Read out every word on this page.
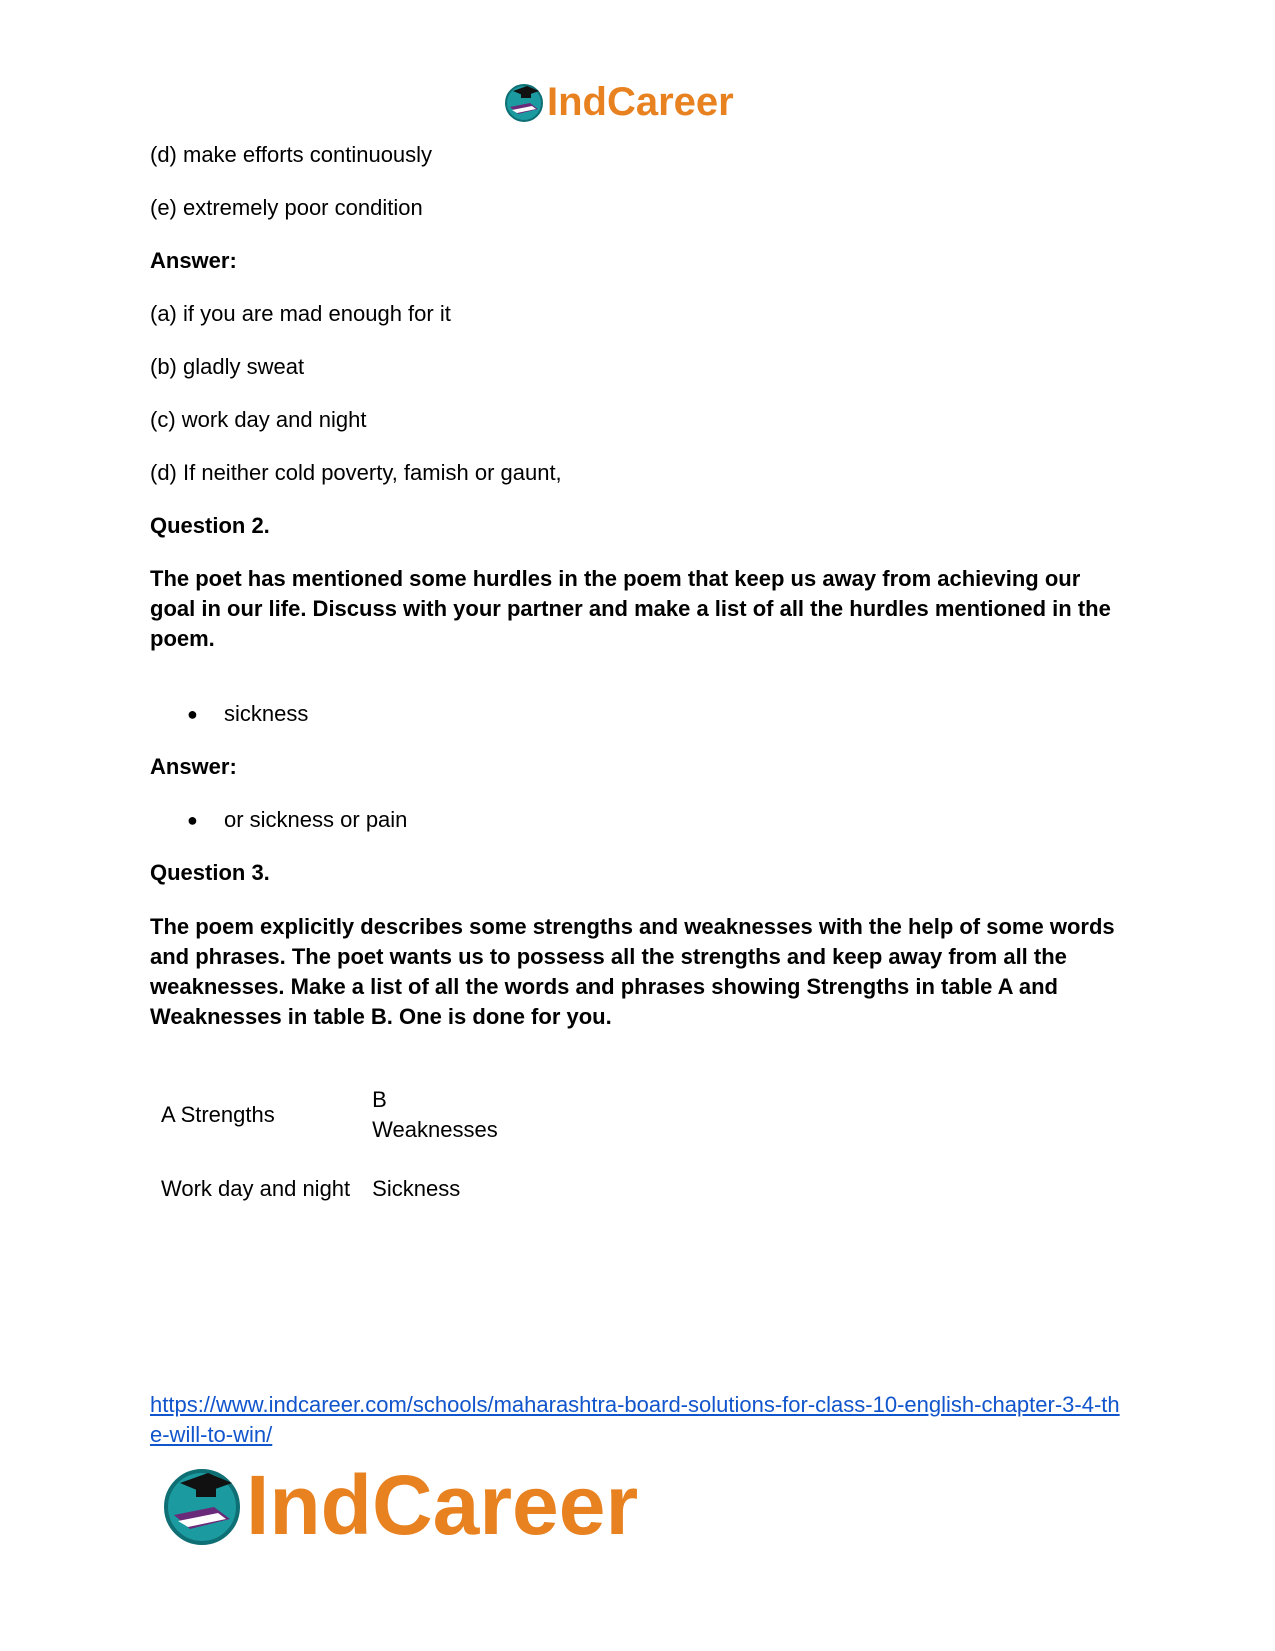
IndCareer
(d) make efforts continuously
(e) extremely poor condition
Answer:
(a) if you are mad enough for it
(b) gladly sweat
(c) work day and night
(d) If neither cold poverty, famish or gaunt,
Question 2.
The poet has mentioned some hurdles in the poem that keep us away from achieving our goal in our life. Discuss with your partner and make a list of all the hurdles mentioned in the poem.
●	sickness
Answer:
●	or sickness or pain
Question 3.
The poem explicitly describes some strengths and weaknesses with the help of some words and phrases. The poet wants us to possess all the strengths and keep away from all the weaknesses. Make a list of all the words and phrases showing Strengths in table A and Weaknesses in table B. One is done for you.
A Strengths	B
Weaknesses

Work day and night	Sickness
https://www.indcareer.com/schools/maharashtra-board-solutions-for-class-10-english-chapter-3-4-the-will-to-win/
IndCareer
